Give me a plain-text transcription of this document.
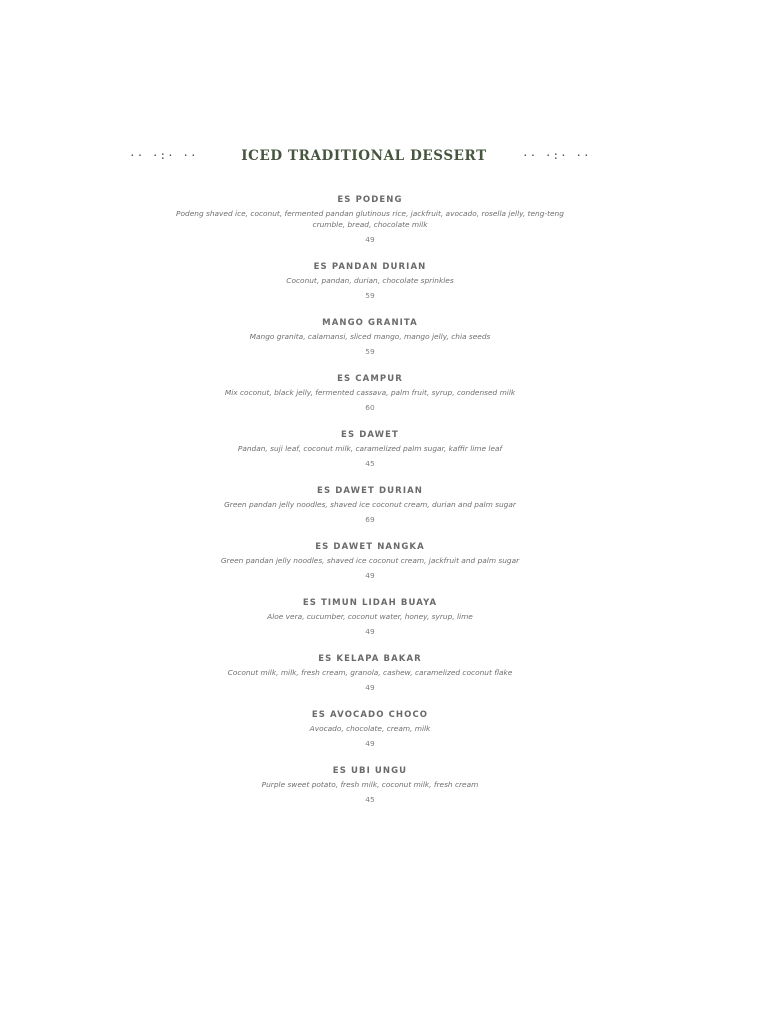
·· ·:· ··	ICED TRADITIONAL DESSERT	·· ·:· ··
ES PODENG
Podeng shaved ice, coconut, fermented pandan glutinous rice, jackfruit, avocado, rosella jelly, teng-teng crumble, bread, chocolate milk
49
ES PANDAN DURIAN
Coconut, pandan, durian, chocolate sprinkles
59
MANGO GRANITA
Mango granita, calamansi, sliced mango, mango jelly, chia seeds
59
ES CAMPUR
Mix coconut, black jelly, fermented cassava, palm fruit, syrup, condensed milk
60
ES DAWET
Pandan, suji leaf, coconut milk, caramelized palm sugar, kaffir lime leaf
45
ES DAWET DURIAN
Green pandan jelly noodles, shaved ice coconut cream, durian and palm sugar
69
ES DAWET NANGKA
Green pandan jelly noodles, shaved ice coconut cream, jackfruit and palm sugar
49
ES TIMUN LIDAH BUAYA
Aloe vera, cucumber, coconut water, honey, syrup, lime
49
ES KELAPA BAKAR
Coconut milk, milk, fresh cream, granola, cashew, caramelized coconut flake
49
ES AVOCADO CHOCO
Avocado, chocolate, cream, milk
49
ES UBI UNGU
Purple sweet potato, fresh milk, coconut milk, fresh cream
45
